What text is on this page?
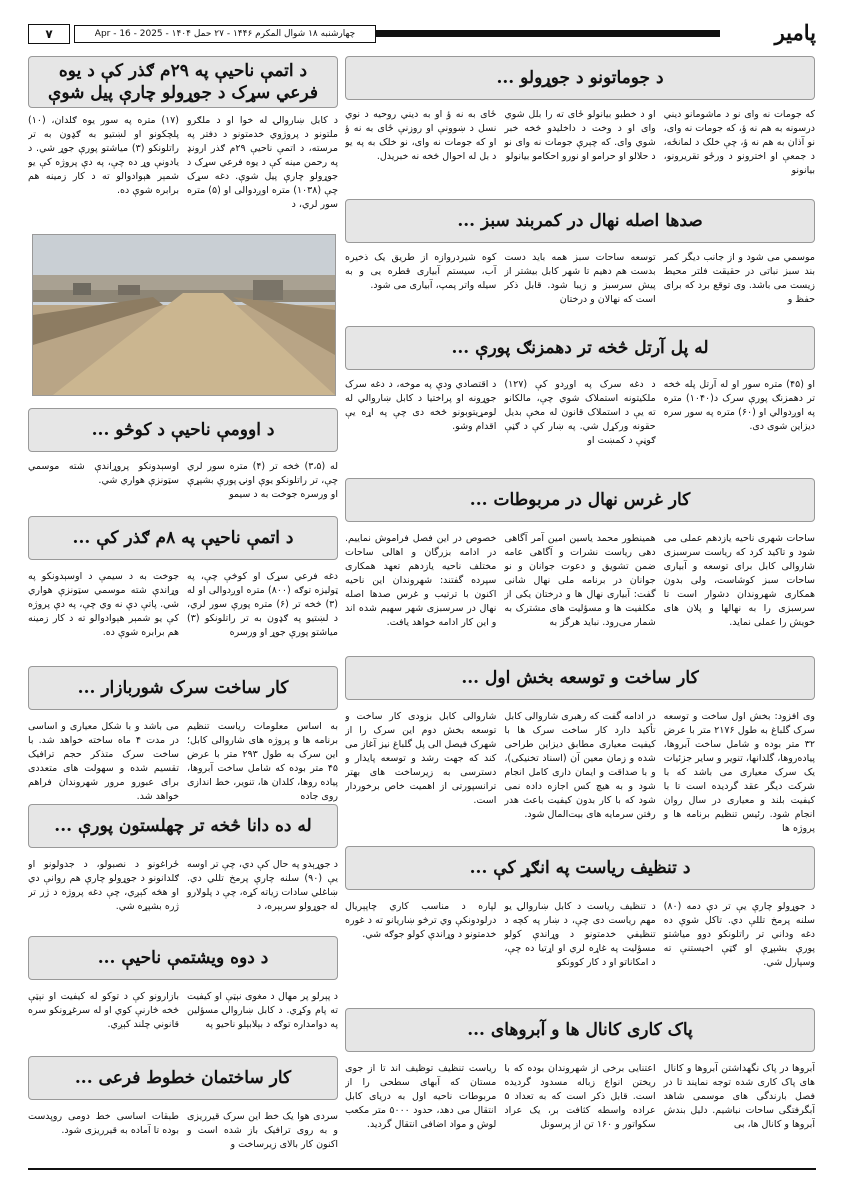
پامیر
چهارشنبه ۱۸ شوال المکرم ۱۴۴۶ - ۲۷ حمل ۱۴۰۴ - Apr - 16 - 2025
۷
د جوماتونو د جوړولو ...

که جومات نه وای نو د ماشومانو دیني درسونه به هم نه ؤ، که جومات نه وای، نو آذان به هم نه ؤ، چې خلک د لمانځه، د جمعې او اخترونو د ورځو تقریرونو، بیانونو

او د خطبو بیانولو ځای ته را بلل شوي وای او د وخت د داخلیدو څخه خبر شوي وای. که چېرې جومات نه وای نو د حلالو او حرامو او نورو احکامو بیانولو

ځای به نه ؤ او به دیني روحیه د نوي نسل د ښوونې او روزنې ځای به نه ؤ او که جومات نه وای، نو خلک به په یو د بل له احوال څخه نه خبریدل.

صدها اصله نهال در کمربند سبز ...

موسمي می شود و از جانب دیگر کمر بند سبز نباتی در حقیقت فلتر محیط زیست می باشد. وی توقع برد که برای حفظ و

توسعه ساحات سبز همه باید دست بدست هم دهیم تا شهر کابل بیشتر از پیش سرسبز و زیبا شود. قابل ذکر است که نهالان و درختان

کوه شیردروازه از طریق یک ذخیره آب، سیستم آبیاری قطره یی و به سیله واتر پمپ، آبیاری می شود.

له پل آرتل څخه تر دهمزنګ پورې ...

او (۴۵) متره سور او له آرتل پله څخه تر دهمزنګ پورې سرک د(۱۰۴۰) متره په اوږدوالي او (۶۰) متره په سور سره دیزاین شوی دی.

د دغه سرک په اوږدو کې (۱۲۷) ملکیتونه استملاک شوي چې، مالکانو ته یې د استملاک قانون له مخې بدیل حقونه ورکړل شي. په ښار کې د ګڼې ګوڼې د کمښت او

د اقتصادي ودې په موخه، د دغه سرک جوړونه او پراختیا د کابل ښاروالي له لومړیتوبونو څخه دی چې په اړه یې اقدام وشو.

کار غرس نهال در مربوطات ...

ساحات شهری ناحیه یازدهم عملی می شود و تاکید کرد که ریاست سرسبزی شاروالی کابل برای توسعه و آبیاری ساحات سبز کوشاست، ولی بدون همکاری شهروندان دشوار است تا سرسبزی را به نهالها و پلان های خویش را عملی نماید.

همینطور محمد یاسین امین آمر آگاهی دهی ریاست نشرات و آگاهی عامه ضمن تشویق و دعوت جوانان و نو جوانان در برنامه ملی نهال شانی گفت: آبیاری نهال ها و درختان یکی از مکلفیت ها و مسؤلیت های مشترک به شمار می‌رود. نباید هرگز به

خصوص در این فصل فراموش نماییم. در ادامه بزرگان و اهالی ساحات مختلف ناحیه یازدهم تعهد همکاری سپرده گفتند: شهروندان این ناحیه اکنون با ترتیب و غرس صدها اصله نهال در سرسبزی شهر سهیم شده اند و این کار ادامه خواهد یافت.

کار ساخت و توسعه بخش اول ...

وی افزود: بخش اول ساخت و توسعه سرک گلباغ به طول ۲۱۷۶ متر با عرض ۳۲ متر بوده و شامل ساخت آبروها، پیاده‌روها، گلدانها، تنویر و سایر جزئیات یک سرک معیاری می باشد که با شرکت دیگر عقد گردیده است تا با کیفیت بلند و معیاری در سال روان انجام شود. رئیس تنظیم برنامه ها و پروژه ها

در ادامه گفت که رهبری شاروالی کابل تأکید دارد کار ساخت سرک ها با کیفیت معیاری مطابق دیزاین طراحی شده و زمان معین آن (اسناد تخنیکی)، و با صداقت و ایمان داری کامل انجام شود و به هیچ کس اجازه داده نمی شود که با کار بدون کیفیت باعث هدر رفتن سرمایه های بیت‌المال شود.

شاروالی کابل بزودی کار ساخت و توسعه بخش دوم این سرک را از شهرک فیصل الی پل گلباغ نیز آغاز می کند که جهت رشد و توسعه پایدار و دسترسی به زیرساخت های بهتر ترانسپورتی از اهمیت خاص برخوردار است.

د تنظیف ریاست په انګړ کې ...

د جوړولو چارې یې تر دې دمه (۸۰) سلنه پرمخ تللې دي. تاکل شوې ده دغه وداني تر راتلونکو دوو میاشتو پورې بشپړې او ګټې اخیستنې ته وسپارل شي.

د تنظیف ریاست د کابل ښاروالۍ یو مهم ریاست دی چې، د ښار په کچه د تنظیفي خدمتونو د وړاندې کولو مسؤلیت په غاړه لري او اړتیا ده چې، د امکاناتو او د کار کوونکو

لپاره د مناسب کاري چاپېریال درلودونکې وي ترڅو ښاریانو ته د غوره خدمتونو د وړاندې کولو جوګه شي.

پاک کاری کانال ها و آبروهای ...

آبروها در پاک نگهداشتن آبروها و کانال های پاک کاری شده توجه نمایند تا در فصل بارندگی های موسمی شاهد آبگرفتگی ساحات نباشیم. دلیل بندش آبروها و کانال ها، بی

اعتنایی برخی از شهروندان بوده که با ریختن انواع زباله مسدود گردیده است. قابل ذکر است که به تعداد ۵ عراده واسطه کثافت بر، یک عراد سکواتور و ۱۶۰ تن از پرسونل

ریاست تنظیف توظیف اند تا از جوی مستان که آبهای سطحی را از مربوطات ناحیه اول به دریای کابل انتقال می دهد، حدود ۵۰۰۰ متر مکعب لوش و مواد اضافی انتقال گردید.

د اتمې ناحیې په ۲۹م ګذر کې د یوه فرعي سړک د جوړولو چارې پیل شوې

د کابل ښاروالۍ له خوا او د ملګرو ملتونو د پروژوي خدمتونو د دفتر په مرسته، د اتمې ناحیې ۲۹م ګذر ارونډ په رحمن مینه کې د یوه فرعي سړک د جوړولو چارې پیل شوې. دغه سړک چې (۱۰۳۸) متره اوږدوالی او (۵) متره سور لري، د

(۱۷) متره په سور یوه ګلدان، (۱۰) پلچکونو او لښتیو به ګډون به تر راتلونکو (۳) میاشتو پورې جوړ شي. د یادونې وړ ده چې، په دې پروژه کې یو شمېر هېوادوالو ته د کار زمینه هم برابره شوې ده.

د اوومې ناحیې د کوڅو ...

له (۳،۵) څخه تر (۴) متره سور لري چې، تر راتلونکو یوې اونۍ پورې بشپړې او ورسره جوخت به د سیمو

اوسېدونکو پروړاندې شته موسمي سټونزې هواري شي.

د اتمې ناحیې په ۸م ګذر کې ...

دغه فرعي سړک او کوڅې چې، په ټولیزه توګه (۸۰۰) متره اوږدوالی او له (۳) څخه تر (۶) متره پورې سور لري، د لښتیو په ګډون به تر راتلونکو (۳) میاشتو پورې جوړ او ورسره

جوخت به د سیمې د اوسېدونکو په وړاندې شته موسمي سټونزې هواري شي. پاتې دې نه وي چې، په دې پروژه کې یو شمېر هېوادوالو ته د کار زمینه هم برابره شوې ده.

کار ساخت سرک شوربازار ...

به اساس معلومات ریاست تنظیم برنامه ها و پروژه های شاروالی کابل؛ این سرک به طول ۲۹۳ متر با عرض ۴۵ متر بوده که شامل ساخت آبروها، پیاده روها، کلدان ها، تنویر، خط اندازی روی جاده

می باشد و با شکل معیاری و اساسی در مدت ۴ ماه ساخته خواهد شد. با ساخت سرک متذکر حجم ترافیک تقسیم شده و سهولت های متعددی برای عبورو مرور شهروندان فراهم خواهد شد.

له ده دانا څخه تر چهلستون پورې ...

د جوړېدو په حال کې دي، چې تر اوسه یې (۹۰) سلنه چارې پرمخ تللي دي. ښاغلي سادات زیاته کړه، چې د پلولارو له جوړولو سربېره، د

ځراغونو د نصبولو، د جدولونو او ګلدانونو د جوړولو چارې هم روانې دي او هڅه کېږي، چې دغه پروژه د ژر تر ژره بشپړه شي.

د دوه ویشتمې ناحیې ...

د پېرلو پر مهال د مغوی نېټې او کیفیت ته پام وکړي. د کابل ښاروالۍ مسؤلین په دوامداره توګه د بېلابېلو ناحیو په

بازارونو کې د توکو له کیفیت او نېټې څخه څارنې کوي او له سرغړونکو سره قانوني چلند کېږي.

کار ساختمان خطوط فرعی ...

سردی هوا یک خط این سرک قیرریزی و به روی ترافیک باز شده است و اکنون کار بالای زیرساخت و

طبقات اساسی خط دومی روپدست بوده تا آماده به قیرریزی شود.
